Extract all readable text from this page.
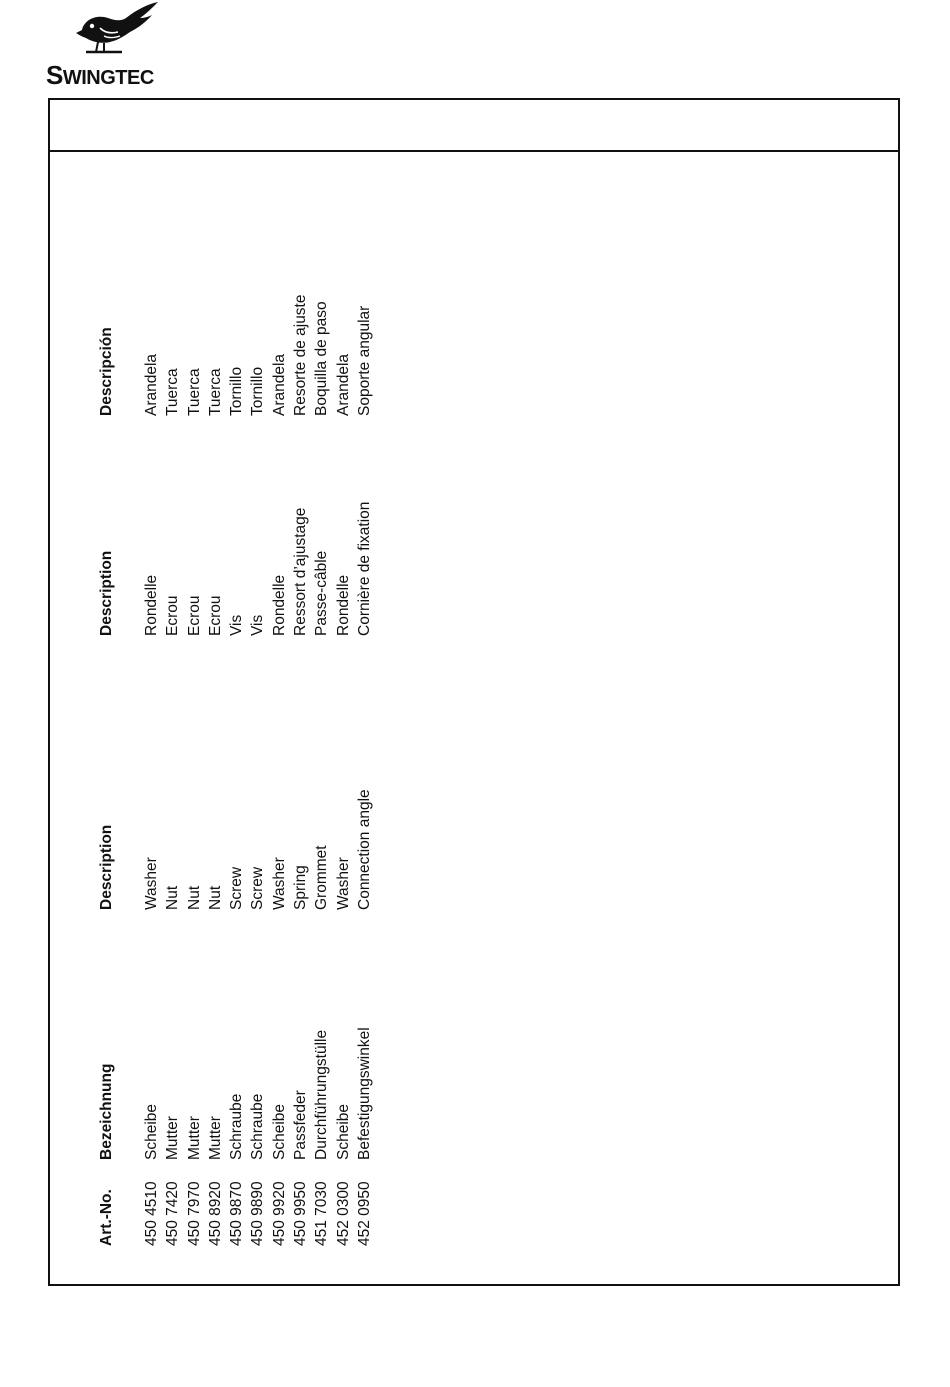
SWINGTEC
Art.-No.
Bezeichnung
Description
Description
Descripción
450 4510
Scheibe
Washer
Rondelle
Arandela
450 7420
Mutter
Nut
Ecrou
Tuerca
450 7970
Mutter
Nut
Ecrou
Tuerca
450 8920
Mutter
Nut
Ecrou
Tuerca
450 9870
Schraube
Screw
Vis
Tornillo
450 9890
Schraube
Screw
Vis
Tornillo
450 9920
Scheibe
Washer
Rondelle
Arandela
450 9950
Passfeder
Spring
Ressort d’ajustage
Resorte de ajuste
451 7030
Durchführungstülle
Grommet
Passe-câble
Boquilla de paso
452 0300
Scheibe
Washer
Rondelle
Arandela
452 0950
Befestigungswinkel
Connection angle
Cornière de fixation
Soporte angular
